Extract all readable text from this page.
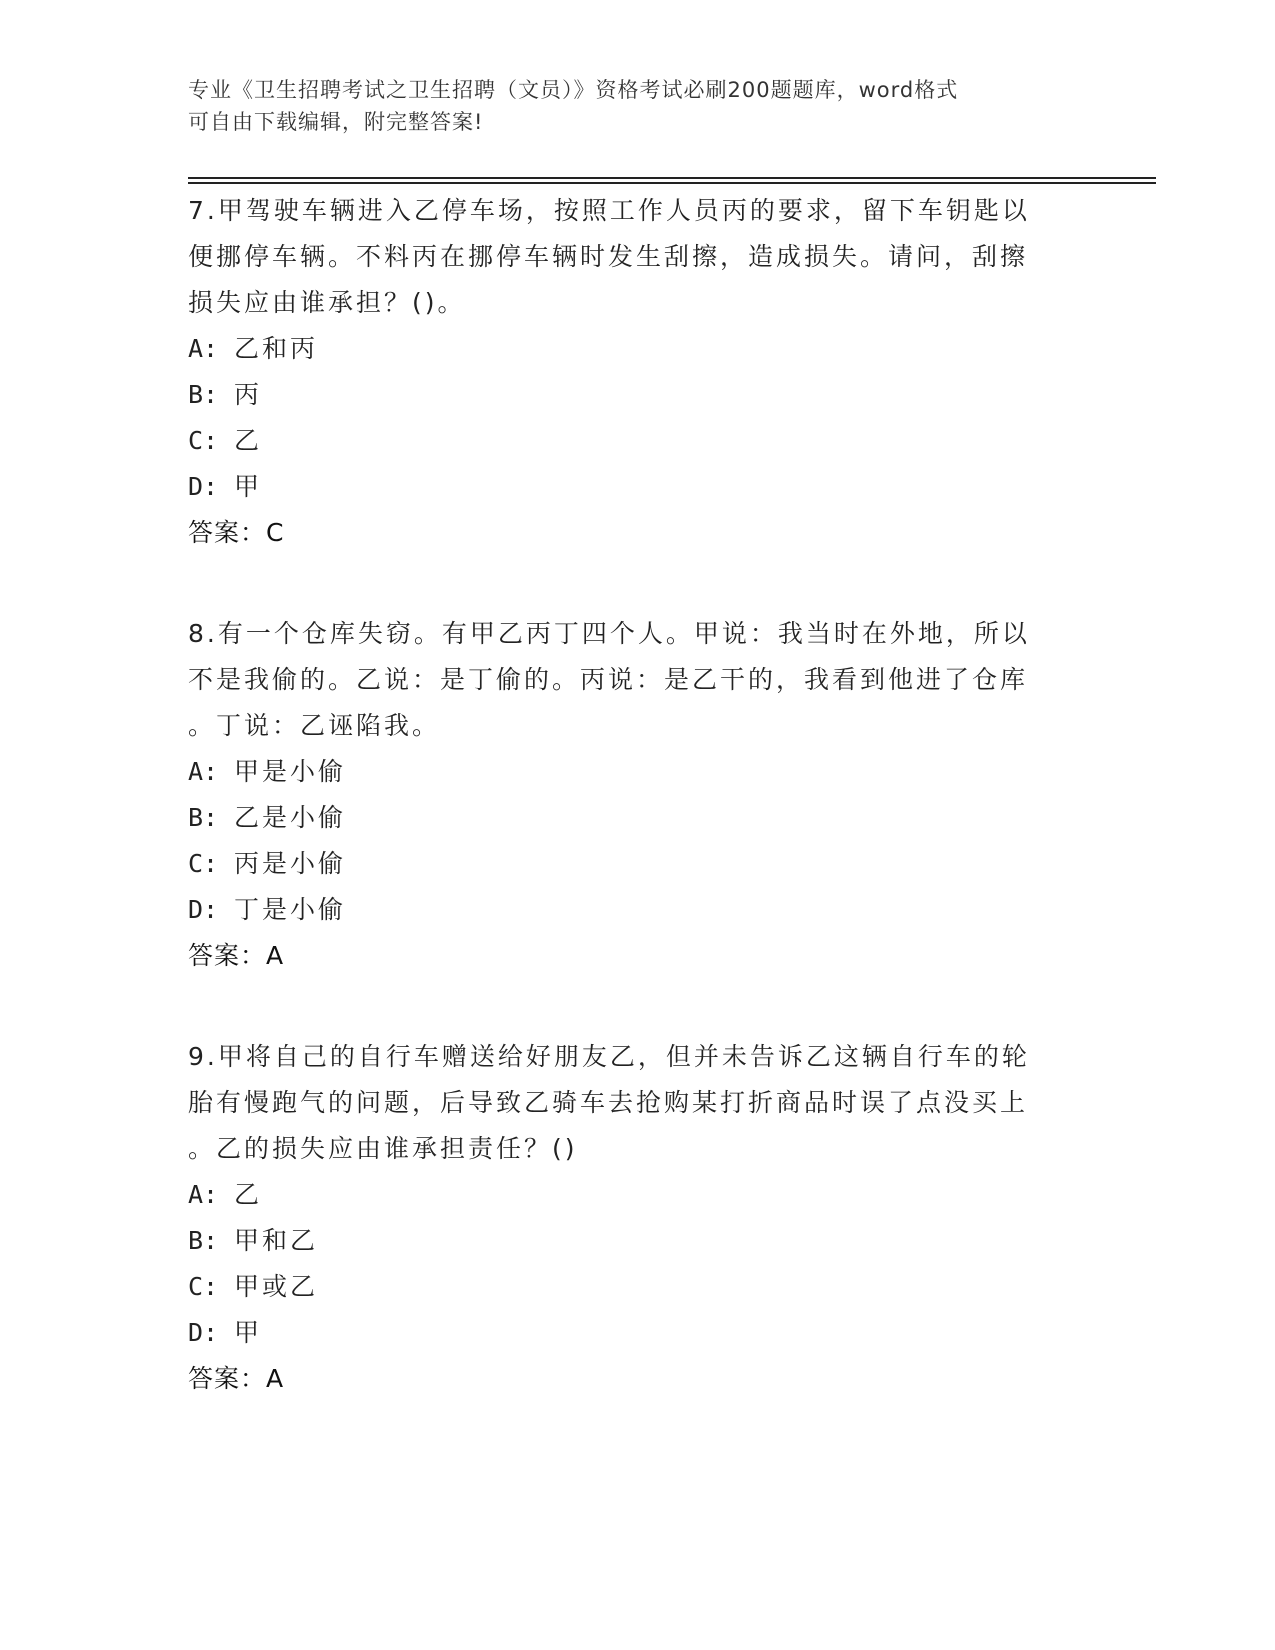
专业《卫生招聘考试之卫生招聘（文员）》资格考试必刷200题题库，word格式
可自由下载编辑，附完整答案!
7.甲驾驶车辆进入乙停车场，按照工作人员丙的要求，留下车钥匙以
便挪停车辆。不料丙在挪停车辆时发生刮擦，造成损失。请问，刮擦
损失应由谁承担？()。
A: 乙和丙
B: 丙
C: 乙
D: 甲
答案：C
8.有一个仓库失窃。有甲乙丙丁四个人。甲说：我当时在外地，所以
不是我偷的。乙说：是丁偷的。丙说：是乙干的，我看到他进了仓库
。丁说：乙诬陷我。
A: 甲是小偷
B: 乙是小偷
C: 丙是小偷
D: 丁是小偷
答案：A
9.甲将自己的自行车赠送给好朋友乙，但并未告诉乙这辆自行车的轮
胎有慢跑气的问题，后导致乙骑车去抢购某打折商品时误了点没买上
。乙的损失应由谁承担责任？()
A: 乙
B: 甲和乙
C: 甲或乙
D: 甲
答案：A
